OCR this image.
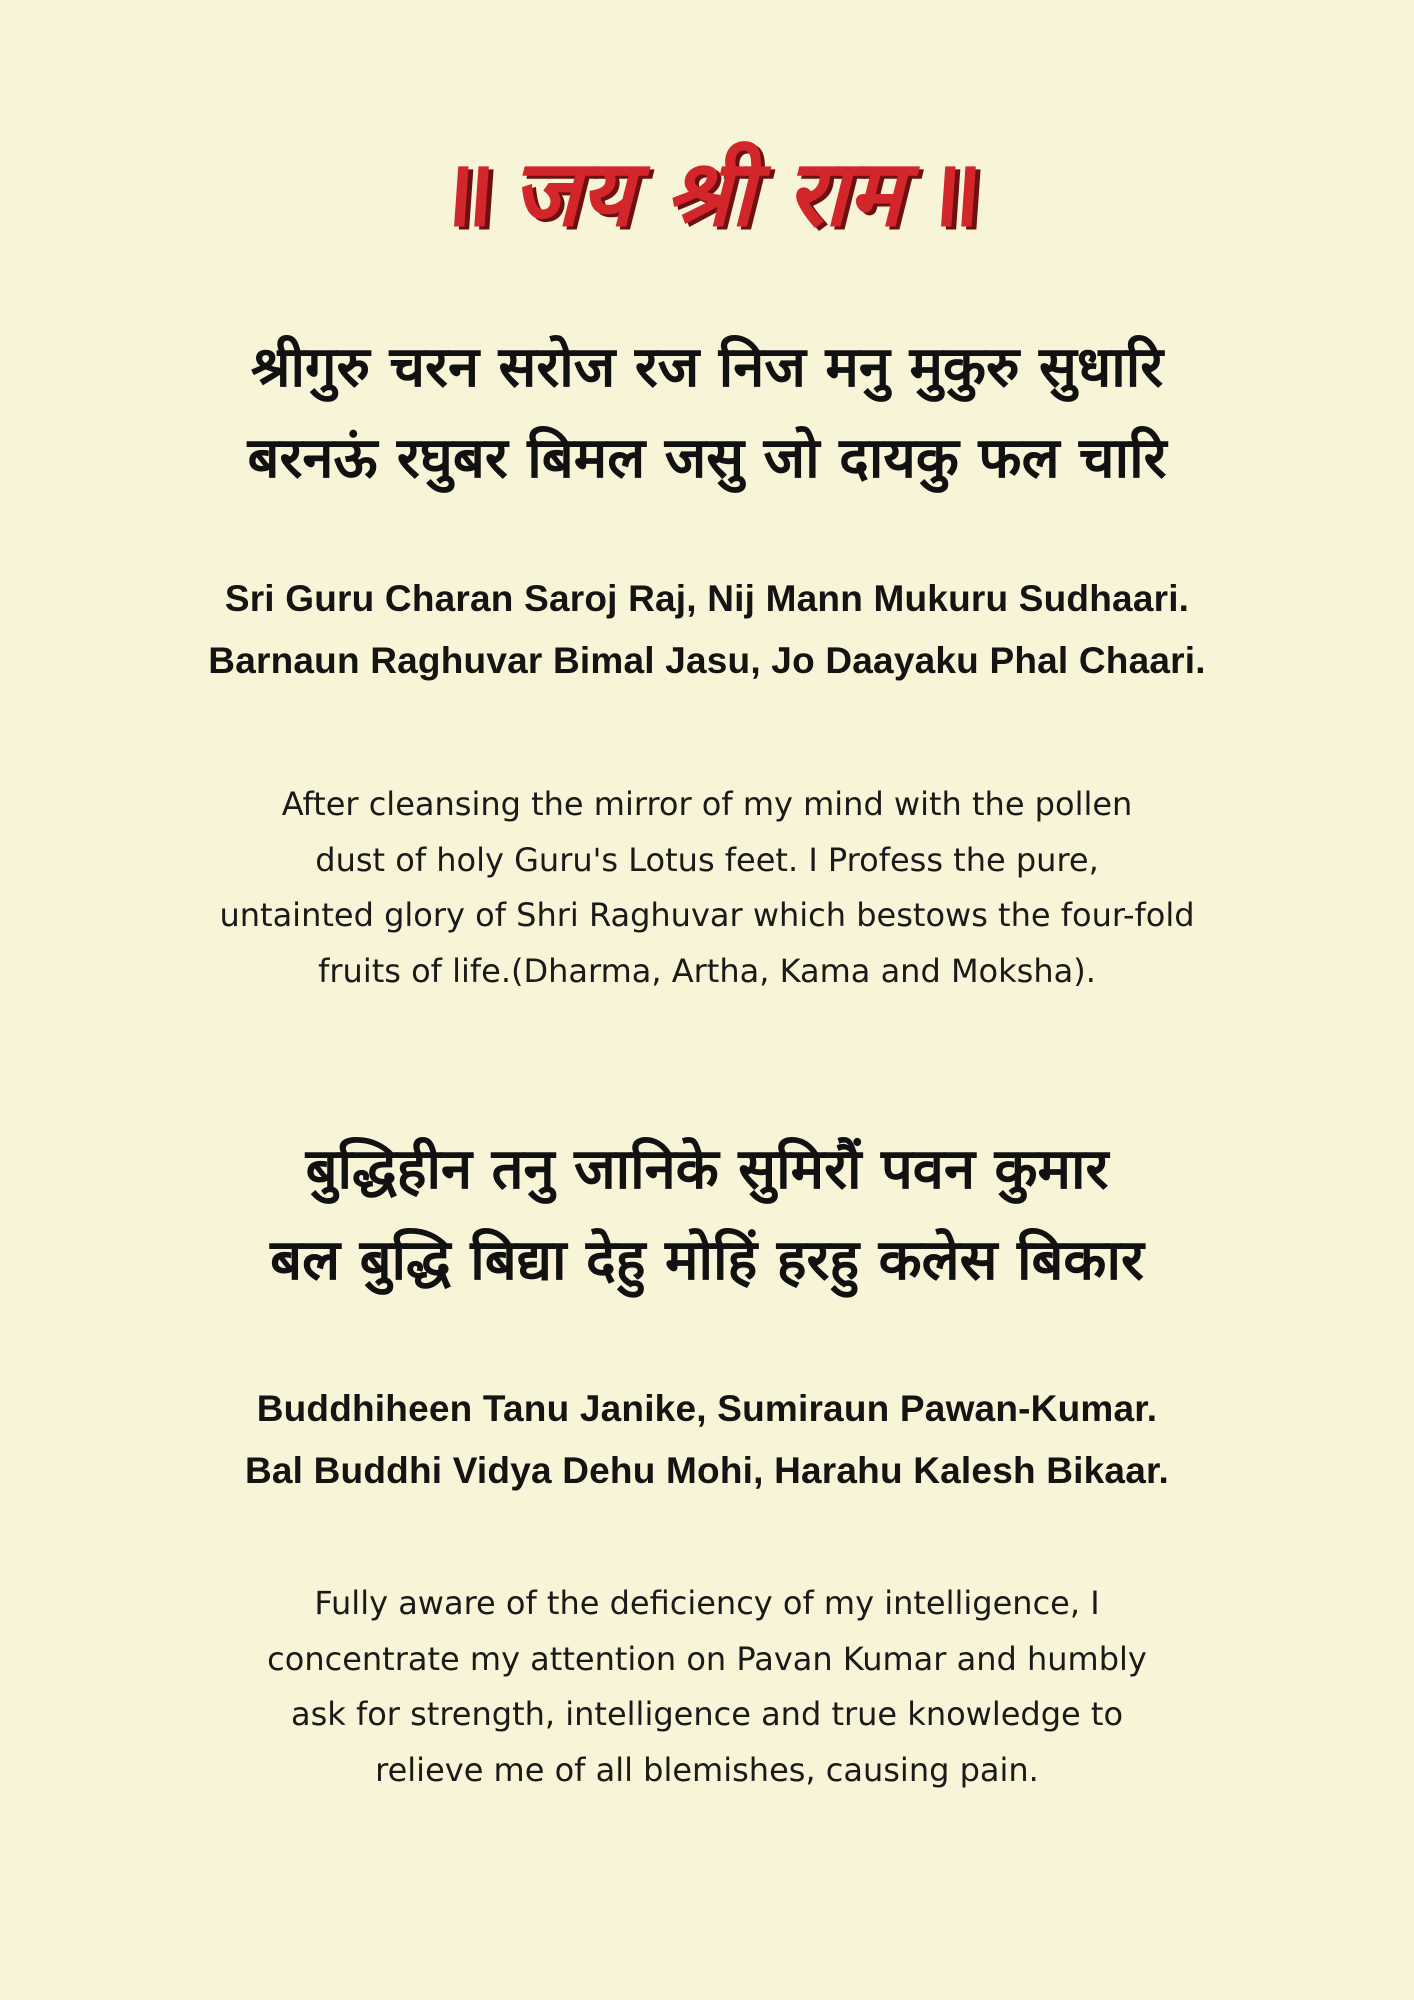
॥ जय श्री राम ॥
श्रीगुरु चरन सरोज रज निज मनु मुकुरु सुधारि
बरनऊं रघुबर बिमल जसु जो दायकु फल चारि
Sri Guru Charan Saroj Raj, Nij Mann Mukuru Sudhaari.
Barnaun Raghuvar Bimal Jasu, Jo Daayaku Phal Chaari.
After cleansing the mirror of my mind with the pollen
dust of holy Guru's Lotus feet. I Profess the pure,
untainted glory of Shri Raghuvar which bestows the four-fold
fruits of life.(Dharma, Artha, Kama and Moksha).
बुद्धिहीन तनु जानिके सुमिरौं पवन कुमार
बल बुद्धि बिद्या देहु मोहिं हरहु कलेस बिकार
Buddhiheen Tanu Janike, Sumiraun Pawan-Kumar.
Bal Buddhi Vidya Dehu Mohi, Harahu Kalesh Bikaar.
Fully aware of the deficiency of my intelligence, I
concentrate my attention on Pavan Kumar and humbly
ask for strength, intelligence and true knowledge to
relieve me of all blemishes, causing pain.
